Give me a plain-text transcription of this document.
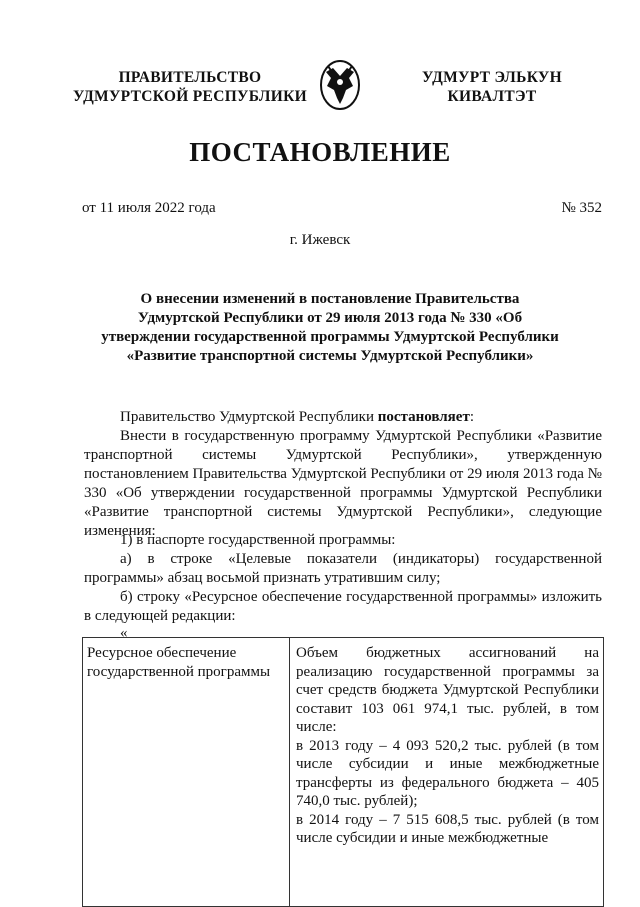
ПРАВИТЕЛЬСТВО
УДМУРТСКОЙ РЕСПУБЛИКИ
УДМУРТ ЭЛЬКУН
КИВАЛТЭТ
ПОСТАНОВЛЕНИЕ
от 11 июля 2022 года	№ 352
г. Ижевск
О внесении изменений в постановление Правительства Удмуртской Республики от 29 июля 2013 года № 330 «Об утверждении государственной программы Удмуртской Республики «Развитие транспортной системы Удмуртской Республики»
Правительство Удмуртской Республики постановляет:
Внести в государственную программу Удмуртской Республики «Развитие транспортной системы Удмуртской Республики», утвержденную постановлением Правительства Удмуртской Республики от 29 июля 2013 года № 330 «Об утверждении государственной программы Удмуртской Республики «Развитие транспортной системы Удмуртской Республики», следующие изменения:
1) в паспорте государственной программы:
а) в строке «Целевые показатели (индикаторы) государственной программы» абзац восьмой признать утратившим силу;
б) строку «Ресурсное обеспечение государственной программы» изложить в следующей редакции:
«
Ресурсное обеспечение государственной программы	
Объем бюджетных ассигнований на реализацию государственной программы за счет средств бюджета Удмуртской Республики составит 103 061 974,1 тыс. рублей, в том числе:
в 2013 году – 4 093 520,2 тыс. рублей (в том числе субсидии и иные межбюджетные трансферты из федерального бюджета – 405 740,0 тыс. рублей);
в 2014 году – 7 515 608,5 тыс. рублей (в том числе субсидии и иные межбюджетные
